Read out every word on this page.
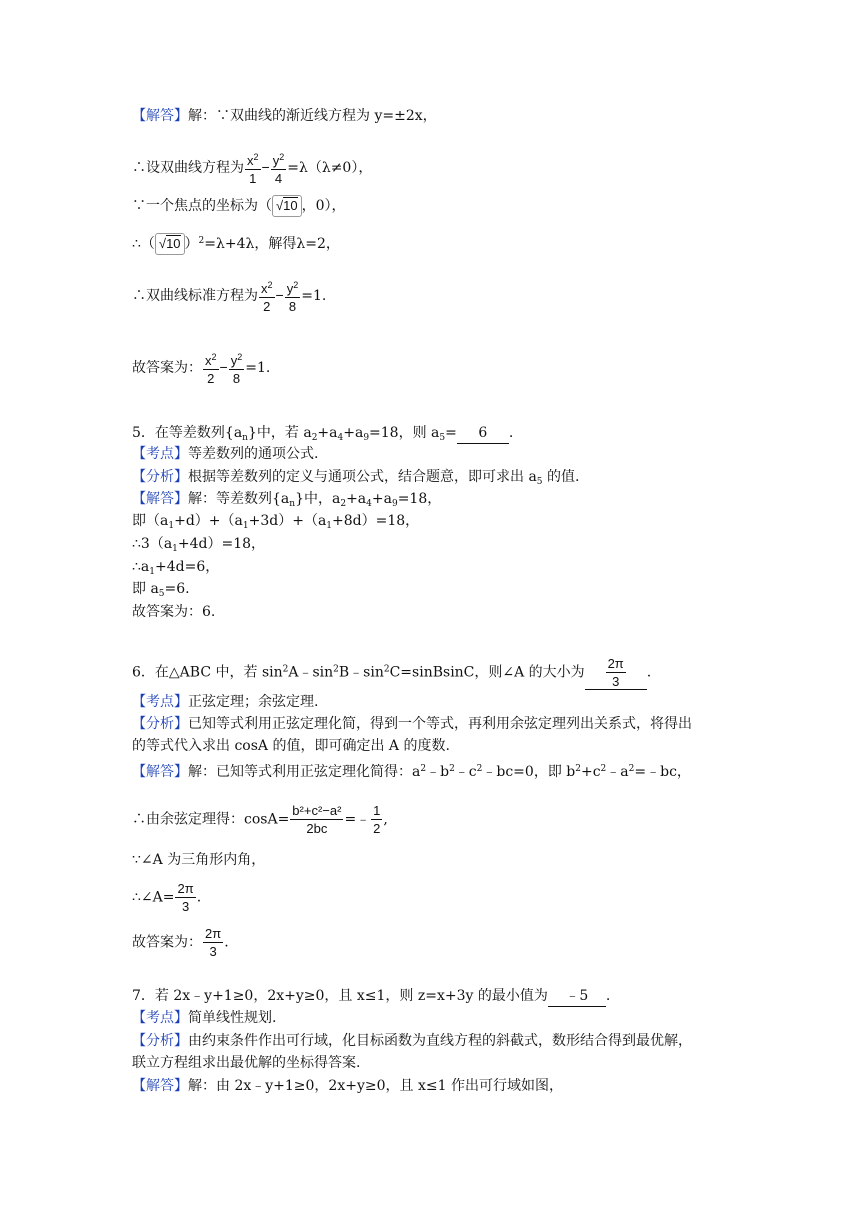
【解答】解：∵双曲线的渐近线方程为 y=±2x，
∴设双曲线方程为 $\frac{x^2}{1} - \frac{y^2}{4} =\lambda(\lambda\ne 0)$，
∵一个焦点的坐标为（ √10 ，0），
∴（ √10 ）$^2$=λ+4λ，解得λ=2，
∴双曲线标准方程为 $\frac{x^2}{2} - \frac{y^2}{8} =1$.
故答案为： $\frac{x^2}{2} - \frac{y^2}{8} =1$.
5．在等差数列$\{a_n\}$中，若 $a_2+a_4+a_9=18$，则 $a_5= 6$ .
【考点】等差数列的通项公式.
【分析】根据等差数列的定义与通项公式，结合题意，即可求出 $a_5$ 的值.
【解答】解：等差数列$\{a_n\}$中，$a_2+a_4+a_9=18$，
即$(a_1+d)+(a_1+3d)+(a_1+8d)=18$，
$\therefore 3(a_1+4d)=18$，
$\therefore a_1+4d=6$，
即 $a_5=6$.
故答案为：6.
6．在△ABC 中，若 $\sin^2A﹣\sin^2B﹣\sin^2C=sinBsinC$，则∠A 的大小为 $\frac{2\pi}{3}$ .
【考点】正弦定理；余弦定理.
【分析】已知等式利用正弦定理化简，得到一个等式，再利用余弦定理列出关系式，将得出
的等式代入求出 cosA 的值，即可确定出 A 的度数.
【解答】解：已知等式利用正弦定理化简得：$a^2﹣b^2﹣c^2﹣bc=0$，即 $b^2+c^2﹣a^2=﹣bc$，
∴由余弦定理得：$\cos A= \frac{\text{b²+c²−a²}}{2bc}$ =﹣ $\frac{1}{2}$ ,
∵∠A 为三角形内角，
∴∠A= $\frac{2\pi}{3}$ .
故答案为： $\frac{2\pi}{3}$ .
7．若 2x﹣y+1≥0，2x+y≥0，且 x≤1，则 z=x+3y 的最小值为 ﹣5 .
【考点】简单线性规划.
【分析】由约束条件作出可行域，化目标函数为直线方程的斜截式，数形结合得到最优解，
联立方程组求出最优解的坐标得答案.
【解答】解：由 2x﹣y+1≥0，2x+y≥0，且 x≤1 作出可行域如图，
